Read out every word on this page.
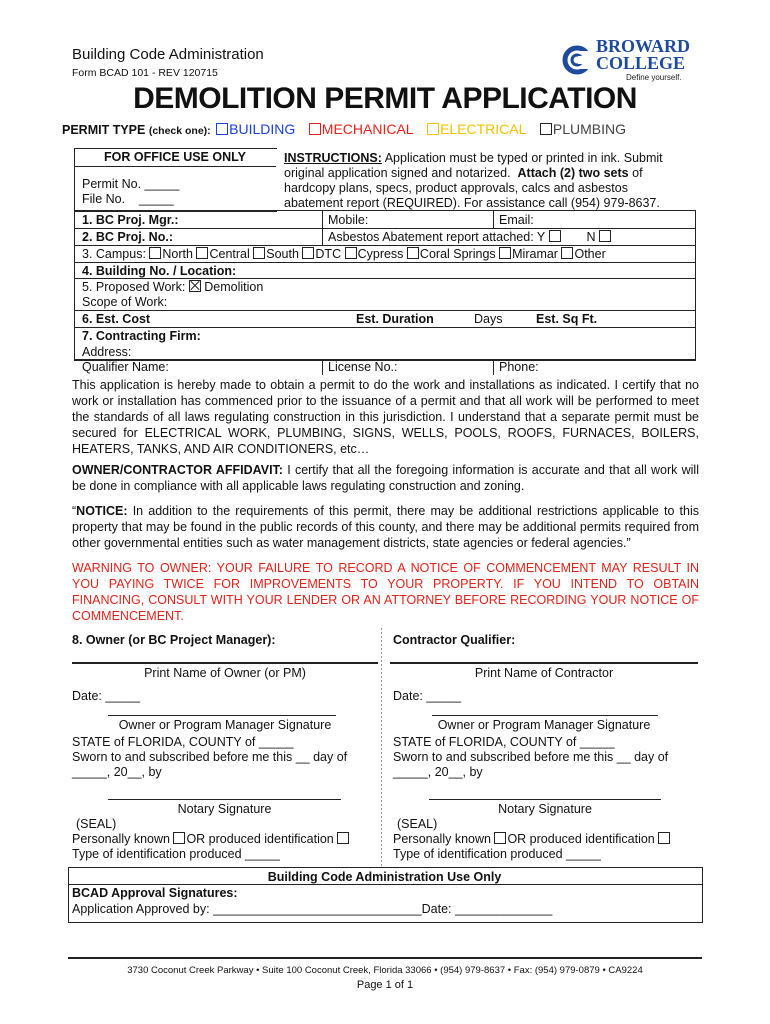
Building Code Administration
Form BCAD 101 - REV 120715
BROWARD
COLLEGE
Define yourself.
DEMOLITION PERMIT APPLICATION
PERMIT TYPE (check one): BUILDING MECHANICAL ELECTRICAL PLUMBING
FOR OFFICE USE ONLY
Permit No. _____
File No.    _____
INSTRUCTIONS: Application must be typed or printed in ink. Submit
original application signed and notarized.  Attach (2) two sets of
hardcopy plans, specs, product approvals, calcs and asbestos
abatement report (REQUIRED). For assistance call (954) 979-8637.
1. BC Proj. Mgr.:	Mobile:	Email:
2. BC Proj. No.:	Asbestos Abatement report attached: Y	N
3. Campus: North Central South DTC Cypress Coral Springs Miramar Other
4. Building No. / Location:
5. Proposed Work: Demolition
Scope of Work:
6. Est. Cost	Est. Duration	Days	Est. Sq Ft.
7. Contracting Firm:
Address:
Qualifier Name:	License No.:	Phone:
This application is hereby made to obtain a permit to do the work and installations as indicated. I certify that no work or installation has commenced prior to the issuance of a permit and that all work will be performed to meet the standards of all laws regulating construction in this jurisdiction. I understand that a separate permit must be secured for ELECTRICAL WORK, PLUMBING, SIGNS, WELLS, POOLS, ROOFS, FURNACES, BOILERS, HEATERS, TANKS, AND AIR CONDITIONERS, etc…
OWNER/CONTRACTOR AFFIDAVIT: I certify that all the foregoing information is accurate and that all work will be done in compliance with all applicable laws regulating construction and zoning.
“NOTICE: In addition to the requirements of this permit, there may be additional restrictions applicable to this property that may be found in the public records of this county, and there may be additional permits required from other governmental entities such as water management districts, state agencies or federal agencies.”
WARNING TO OWNER: YOUR FAILURE TO RECORD A NOTICE OF COMMENCEMENT MAY RESULT IN YOU PAYING TWICE FOR IMPROVEMENTS TO YOUR PROPERTY. IF YOU INTEND TO OBTAIN FINANCING, CONSULT WITH YOUR LENDER OR AN ATTORNEY BEFORE RECORDING YOUR NOTICE OF COMMENCEMENT.
8. Owner (or BC Project Manager):	Contractor Qualifier:
Print Name of Owner (or PM)	Print Name of Contractor
Date: _____	Date: _____
Owner or Program Manager Signature	Owner or Program Manager Signature
STATE of FLORIDA, COUNTY of _____
Sworn to and subscribed before me this __ day of
_____, 20__, by
STATE of FLORIDA, COUNTY of _____
Sworn to and subscribed before me this __ day of
_____, 20__, by
Notary Signature	Notary Signature
(SEAL)
Personally known OR produced identification
Type of identification produced _____
(SEAL)
Personally known OR produced identification
Type of identification produced _____
Building Code Administration Use Only
BCAD Approval Signatures:
Application Approved by: ______________________________Date: ______________
3730 Coconut Creek Parkway • Suite 100 Coconut Creek, Florida 33066 • (954) 979-8637 • Fax: (954) 979-0879 • CA9224
Page 1 of 1
